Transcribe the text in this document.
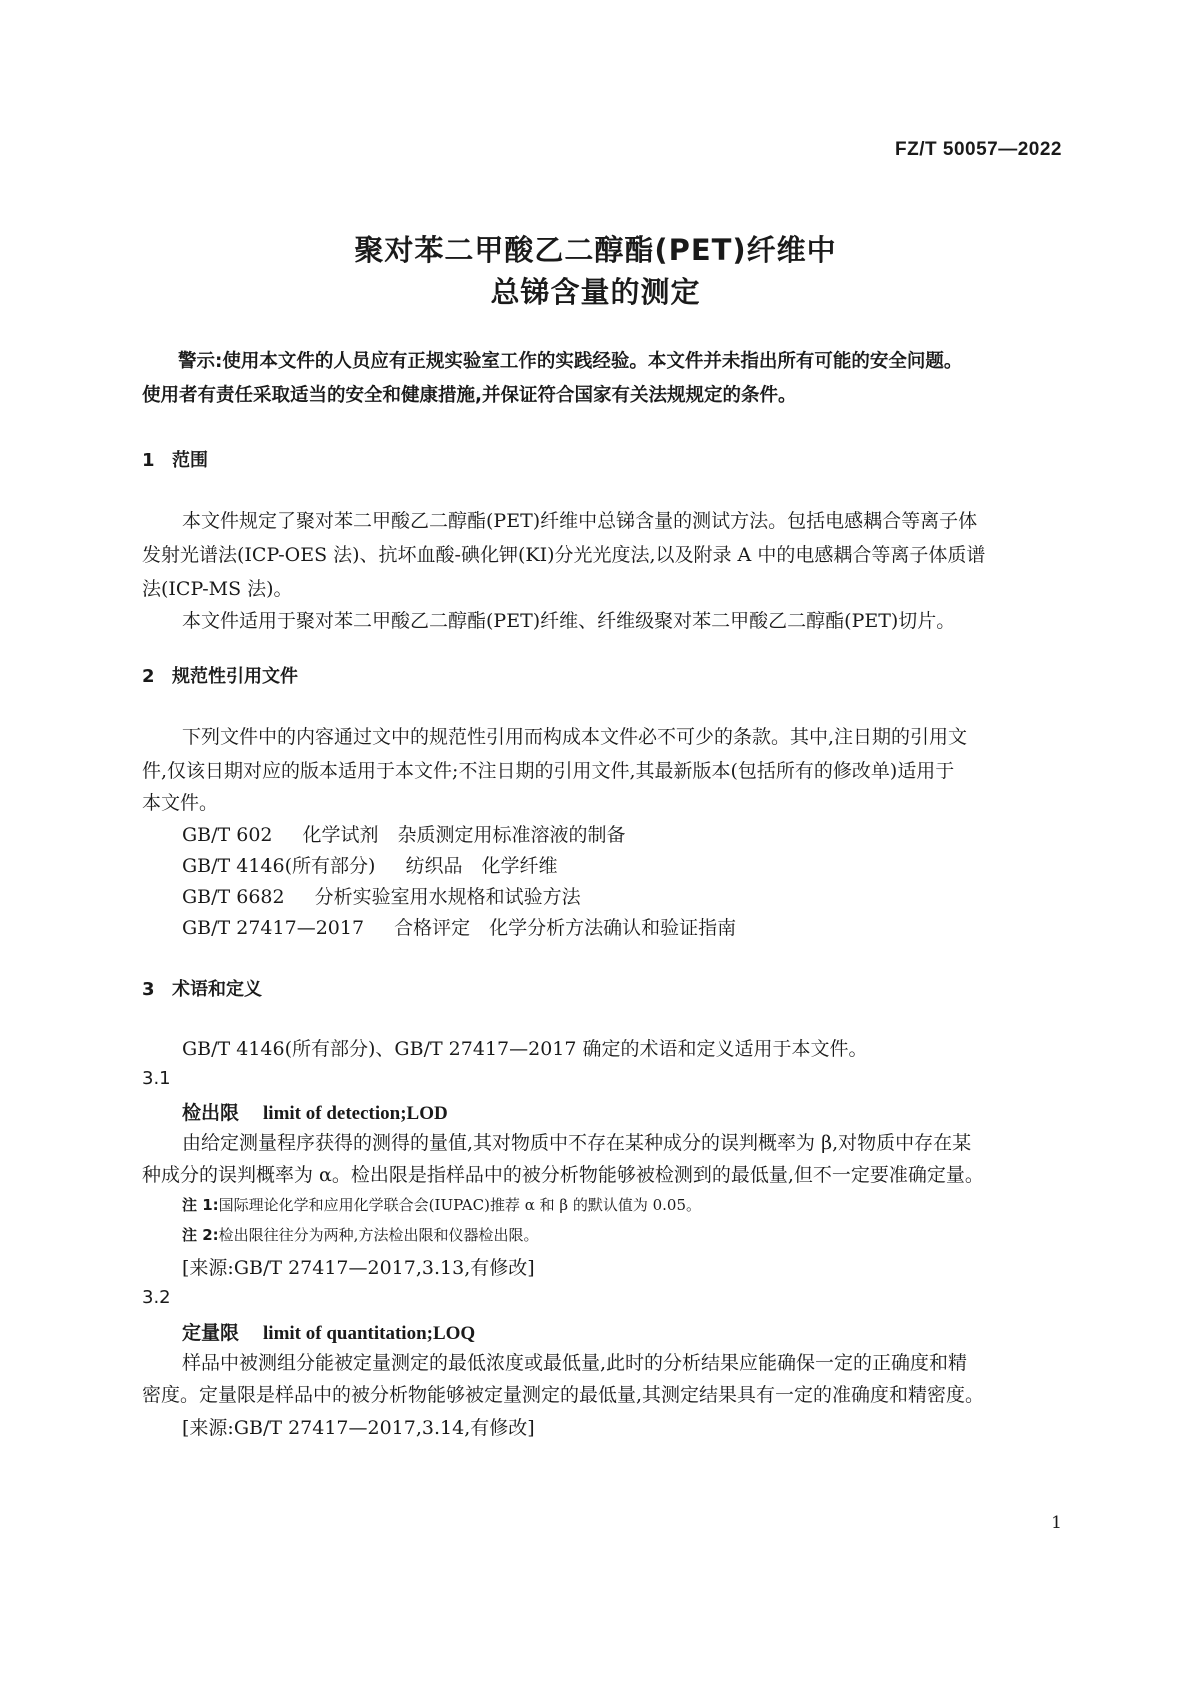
FZ/T 50057—2022
聚对苯二甲酸乙二醇酯(PET)纤维中
总锑含量的测定
警示:使用本文件的人员应有正规实验室工作的实践经验。本文件并未指出所有可能的安全问题。
使用者有责任采取适当的安全和健康措施,并保证符合国家有关法规规定的条件。
1 范围
本文件规定了聚对苯二甲酸乙二醇酯(PET)纤维中总锑含量的测试方法。包括电感耦合等离子体
发射光谱法(ICP-OES 法)、抗坏血酸-碘化钾(KI)分光光度法,以及附录 A 中的电感耦合等离子体质谱
法(ICP-MS 法)。
本文件适用于聚对苯二甲酸乙二醇酯(PET)纤维、纤维级聚对苯二甲酸乙二醇酯(PET)切片。
2 规范性引用文件
下列文件中的内容通过文中的规范性引用而构成本文件必不可少的条款。其中,注日期的引用文
件,仅该日期对应的版本适用于本文件;不注日期的引用文件,其最新版本(包括所有的修改单)适用于
本文件。
GB/T 602 化学试剂　杂质测定用标准溶液的制备
GB/T 4146(所有部分) 纺织品　化学纤维
GB/T 6682 分析实验室用水规格和试验方法
GB/T 27417—2017 合格评定　化学分析方法确认和验证指南
3 术语和定义
GB/T 4146(所有部分)、GB/T 27417—2017 确定的术语和定义适用于本文件。
3.1
检出限 limit of detection;LOD
由给定测量程序获得的测得的量值,其对物质中不存在某种成分的误判概率为 β,对物质中存在某
种成分的误判概率为 α。检出限是指样品中的被分析物能够被检测到的最低量,但不一定要准确定量。
注 1:国际理论化学和应用化学联合会(IUPAC)推荐 α 和 β 的默认值为 0.05。
注 2:检出限往往分为两种,方法检出限和仪器检出限。
[来源:GB/T 27417—2017,3.13,有修改]
3.2
定量限 limit of quantitation;LOQ
样品中被测组分能被定量测定的最低浓度或最低量,此时的分析结果应能确保一定的正确度和精
密度。定量限是样品中的被分析物能够被定量测定的最低量,其测定结果具有一定的准确度和精密度。
[来源:GB/T 27417—2017,3.14,有修改]
1
